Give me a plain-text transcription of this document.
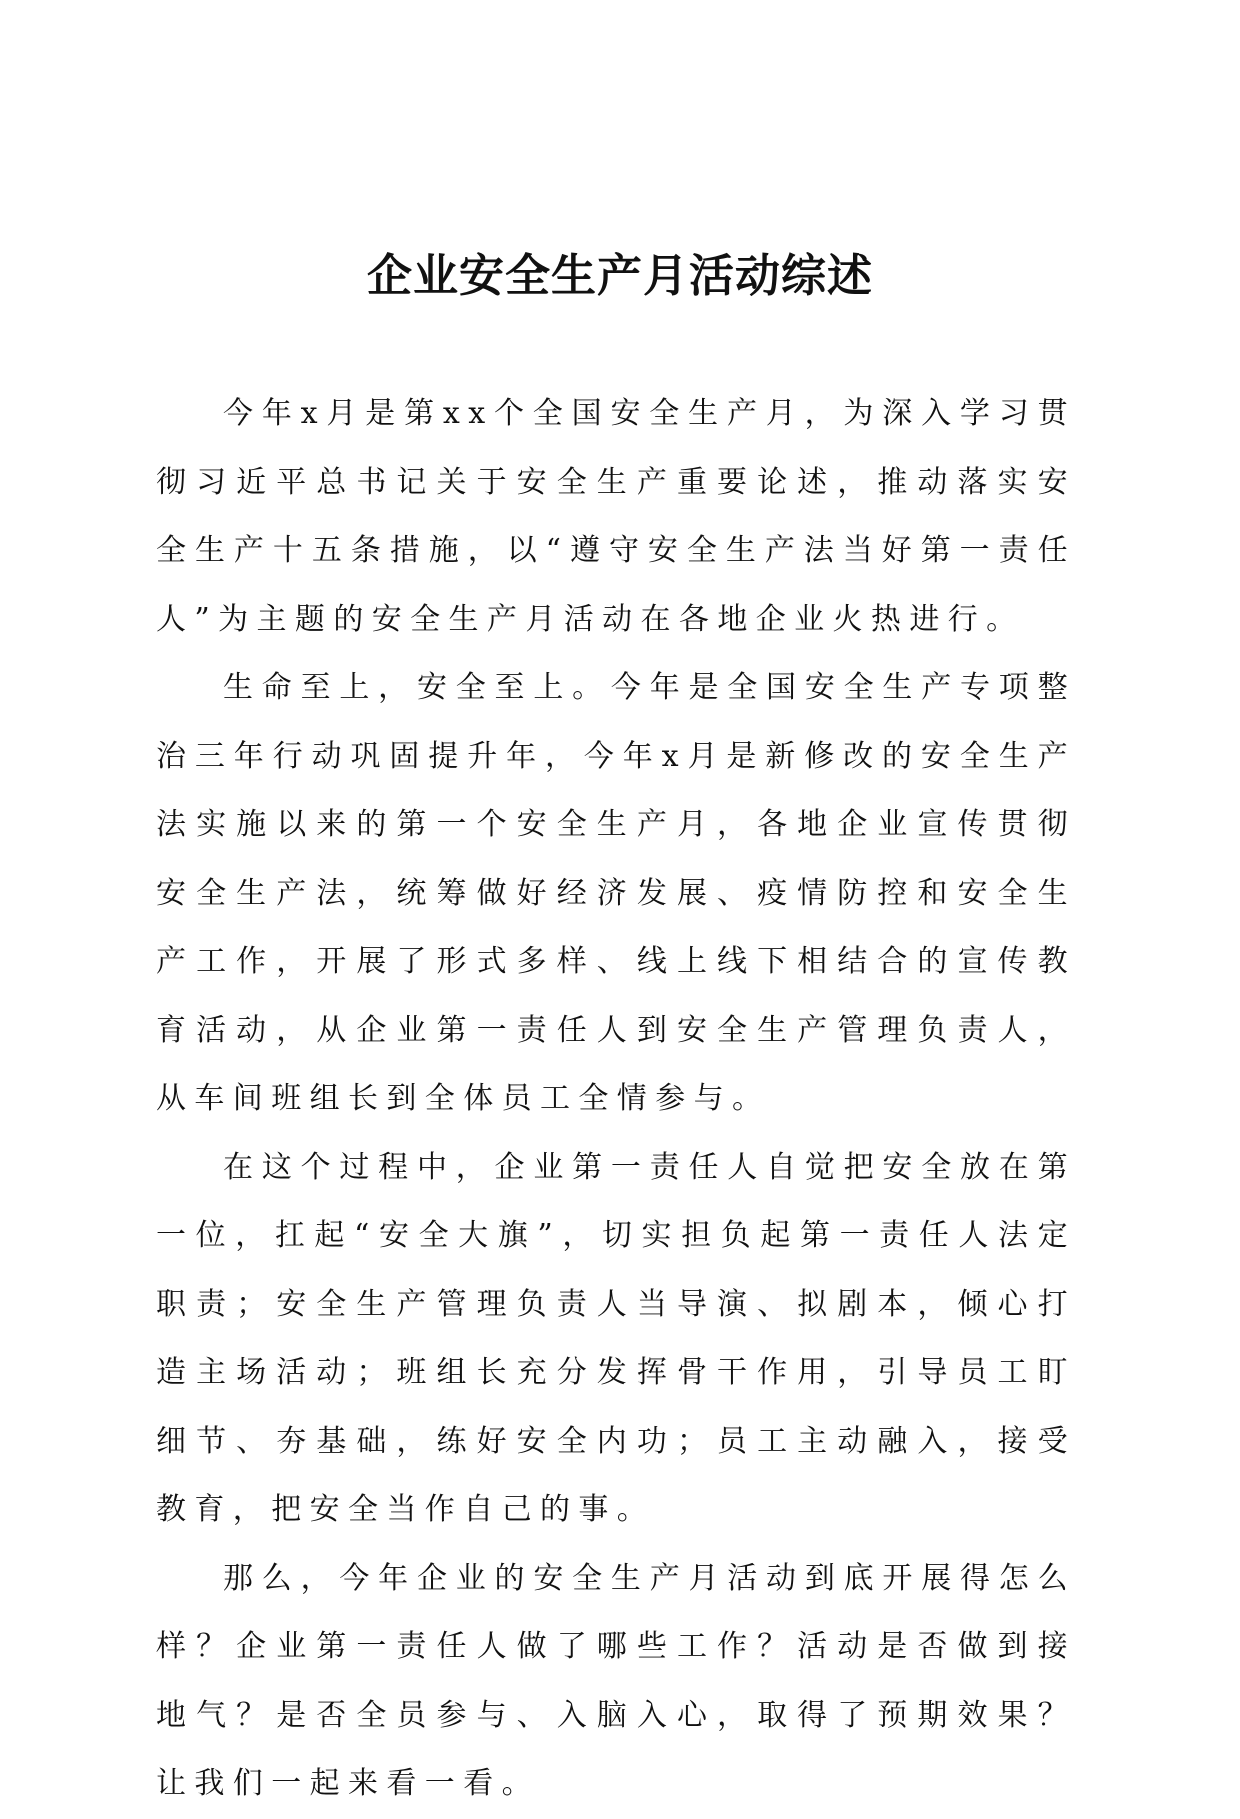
企业安全生产月活动综述

今年x月是第xx个全国安全生产月，为深入学习贯彻习近平总书记关于安全生产重要论述，推动落实安全生产十五条措施，以“遵守安全生产法当好第一责任人”为主题的安全生产月活动在各地企业火热进行。

生命至上，安全至上。今年是全国安全生产专项整治三年行动巩固提升年，今年x月是新修改的安全生产法实施以来的第一个安全生产月，各地企业宣传贯彻安全生产法，统筹做好经济发展、疫情防控和安全生产工作，开展了形式多样、线上线下相结合的宣传教育活动，从企业第一责任人到安全生产管理负责人，从车间班组长到全体员工全情参与。

在这个过程中，企业第一责任人自觉把安全放在第一位，扛起“安全大旗”，切实担负起第一责任人法定职责；安全生产管理负责人当导演、拟剧本，倾心打造主场活动；班组长充分发挥骨干作用，引导员工盯细节、夯基础，练好安全内功；员工主动融入，接受教育，把安全当作自己的事。

那么，今年企业的安全生产月活动到底开展得怎么样？企业第一责任人做了哪些工作？活动是否做到接地气？是否全员参与、入脑入心，取得了预期效果？让我们一起来看一看。
